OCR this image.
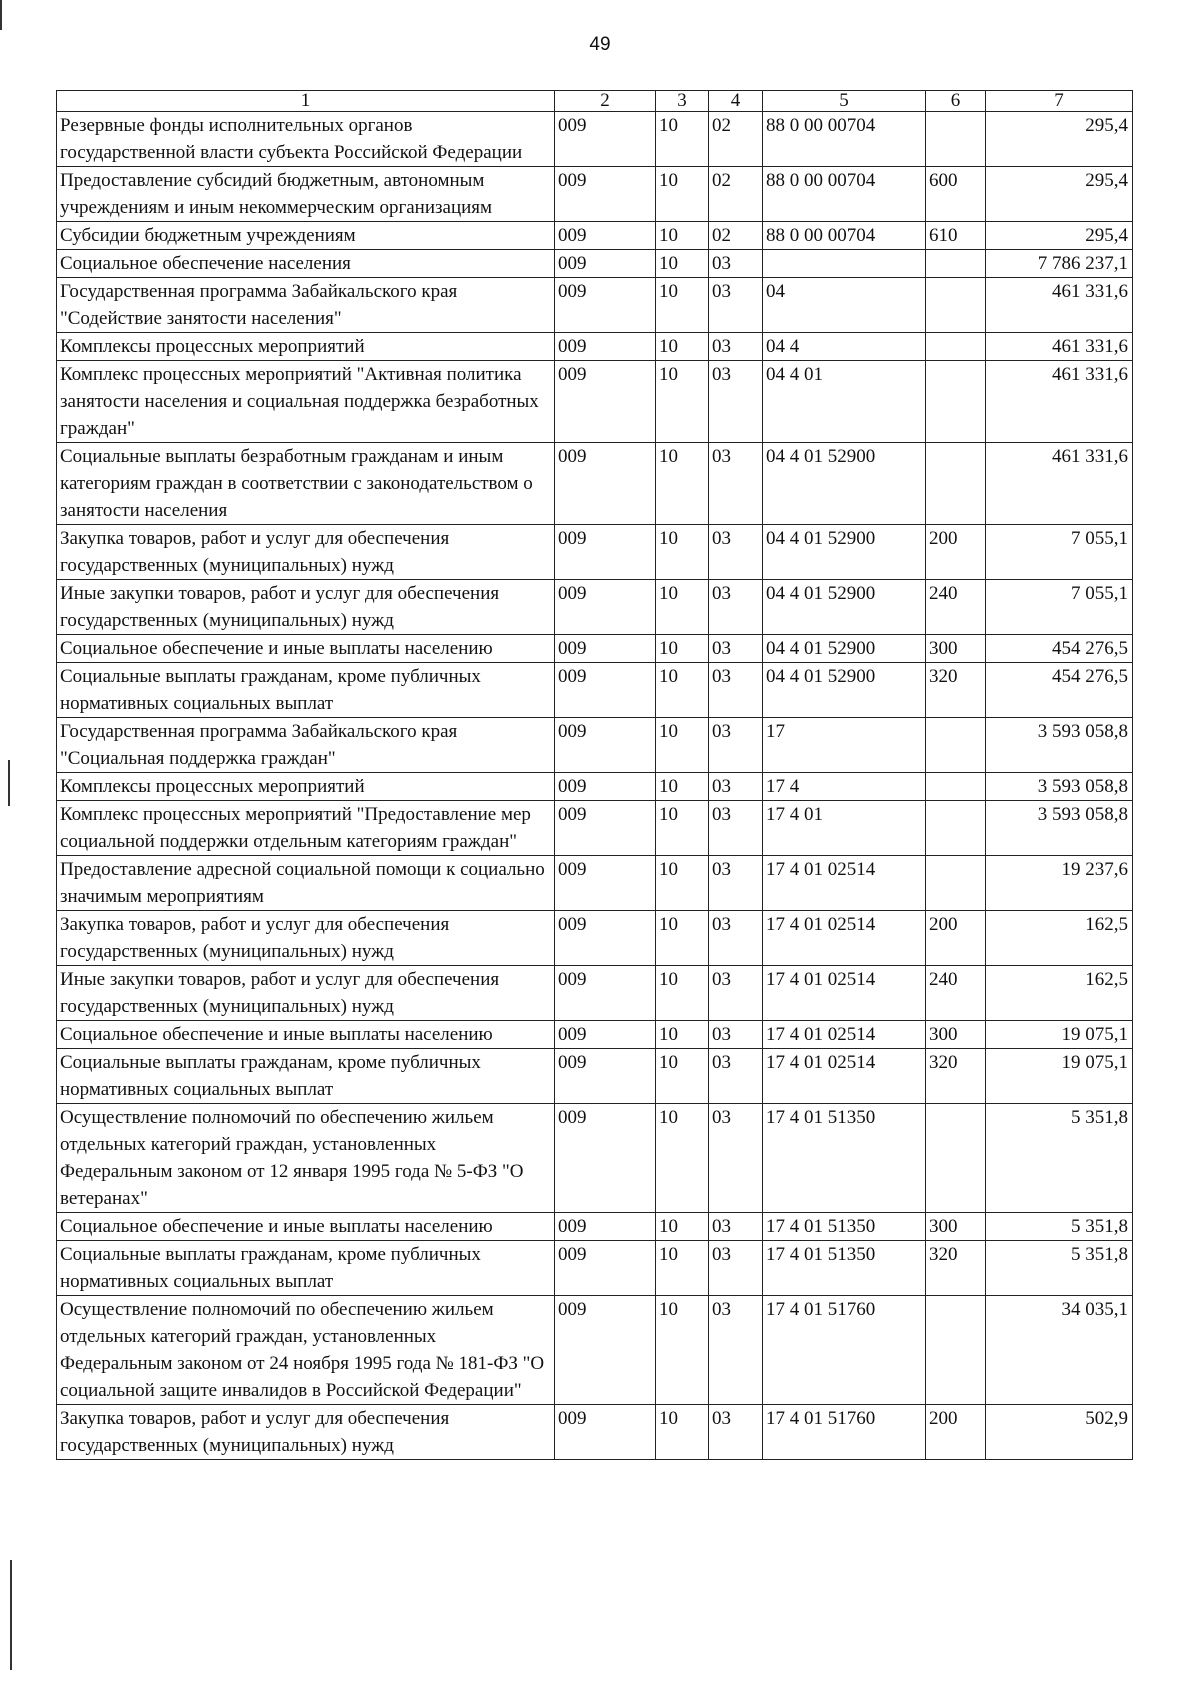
49
1	2	3	4	5	6	7
Резервные фонды исполнительных органов государственной власти субъекта Российской Федерации	009	10	02	88 0 00 00704		295,4
Предоставление субсидий бюджетным, автономным учреждениям и иным некоммерческим организациям	009	10	02	88 0 00 00704	600	295,4
Субсидии бюджетным учреждениям	009	10	02	88 0 00 00704	610	295,4
Социальное обеспечение населения	009	10	03			7 786 237,1
Государственная программа Забайкальского края "Содействие занятости населения"	009	10	03	04		461 331,6
Комплексы процессных мероприятий	009	10	03	04 4		461 331,6
Комплекс процессных мероприятий "Активная политика занятости населения и социальная поддержка безработных граждан"	009	10	03	04 4 01		461 331,6
Социальные выплаты безработным гражданам и иным категориям граждан в соответствии с законодательством о занятости населения	009	10	03	04 4 01 52900		461 331,6
Закупка товаров, работ и услуг для обеспечения государственных (муниципальных) нужд	009	10	03	04 4 01 52900	200	7 055,1
Иные закупки товаров, работ и услуг для обеспечения государственных (муниципальных) нужд	009	10	03	04 4 01 52900	240	7 055,1
Социальное обеспечение и иные выплаты населению	009	10	03	04 4 01 52900	300	454 276,5
Социальные выплаты гражданам, кроме публичных нормативных социальных выплат	009	10	03	04 4 01 52900	320	454 276,5
Государственная программа Забайкальского края "Социальная поддержка граждан"	009	10	03	17		3 593 058,8
Комплексы процессных мероприятий	009	10	03	17 4		3 593 058,8
Комплекс процессных мероприятий "Предоставление мер социальной поддержки отдельным категориям граждан"	009	10	03	17 4 01		3 593 058,8
Предоставление адресной социальной помощи к социально значимым мероприятиям	009	10	03	17 4 01 02514		19 237,6
Закупка товаров, работ и услуг для обеспечения государственных (муниципальных) нужд	009	10	03	17 4 01 02514	200	162,5
Иные закупки товаров, работ и услуг для обеспечения государственных (муниципальных) нужд	009	10	03	17 4 01 02514	240	162,5
Социальное обеспечение и иные выплаты населению	009	10	03	17 4 01 02514	300	19 075,1
Социальные выплаты гражданам, кроме публичных нормативных социальных выплат	009	10	03	17 4 01 02514	320	19 075,1
Осуществление полномочий по обеспечению жильем отдельных категорий граждан, установленных Федеральным законом от 12 января 1995 года № 5-ФЗ "О ветеранах"	009	10	03	17 4 01 51350		5 351,8
Социальное обеспечение и иные выплаты населению	009	10	03	17 4 01 51350	300	5 351,8
Социальные выплаты гражданам, кроме публичных нормативных социальных выплат	009	10	03	17 4 01 51350	320	5 351,8
Осуществление полномочий по обеспечению жильем отдельных категорий граждан, установленных Федеральным законом от 24 ноября 1995 года № 181-ФЗ "О социальной защите инвалидов в Российской Федерации"	009	10	03	17 4 01 51760		34 035,1
Закупка товаров, работ и услуг для обеспечения государственных (муниципальных) нужд	009	10	03	17 4 01 51760	200	502,9
